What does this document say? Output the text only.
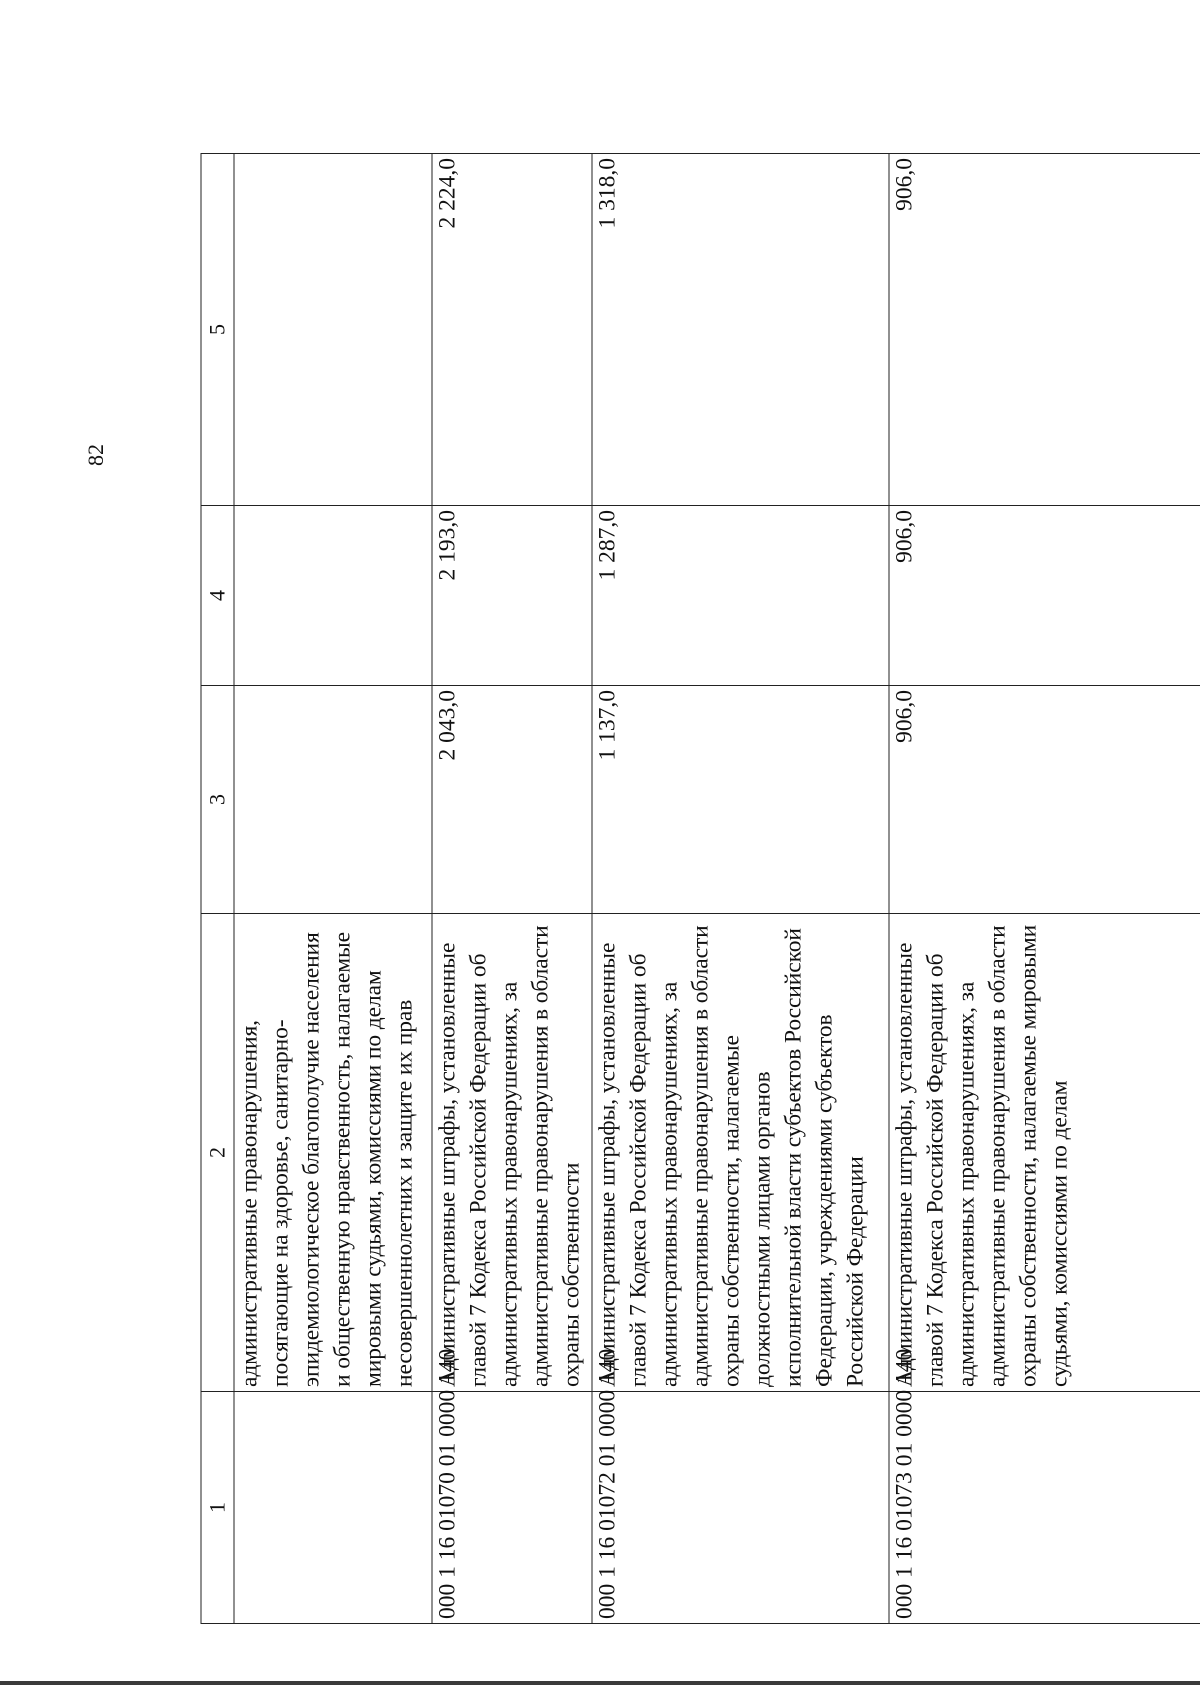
82
1	2	3	4	5
	административные правонарушения, посягающие на здоровье, санитарно-эпидемиологическое благополучие населения и общественную нравственность, налагаемые мировыми судьями, комиссиями по делам несовершеннолетних и защите их прав			
000 1 16 01070 01 0000 140	Административные штрафы, установленные главой 7 Кодекса Российской Федерации об административных правонарушениях, за административные правонарушения в области охраны собственности	2 043,0	2 193,0	2 224,0
000 1 16 01072 01 0000 140	Административные штрафы, установленные главой 7 Кодекса Российской Федерации об административных правонарушениях, за административные правонарушения в области охраны собственности, налагаемые должностными лицами органов исполнительной власти субъектов Российской Федерации, учреждениями субъектов Российской Федерации	1 137,0	1 287,0	1 318,0
000 1 16 01073 01 0000 140	Административные штрафы, установленные главой 7 Кодекса Российской Федерации об административных правонарушениях, за административные правонарушения в области охраны собственности, налагаемые мировыми судьями, комиссиями по делам	906,0	906,0	906,0
